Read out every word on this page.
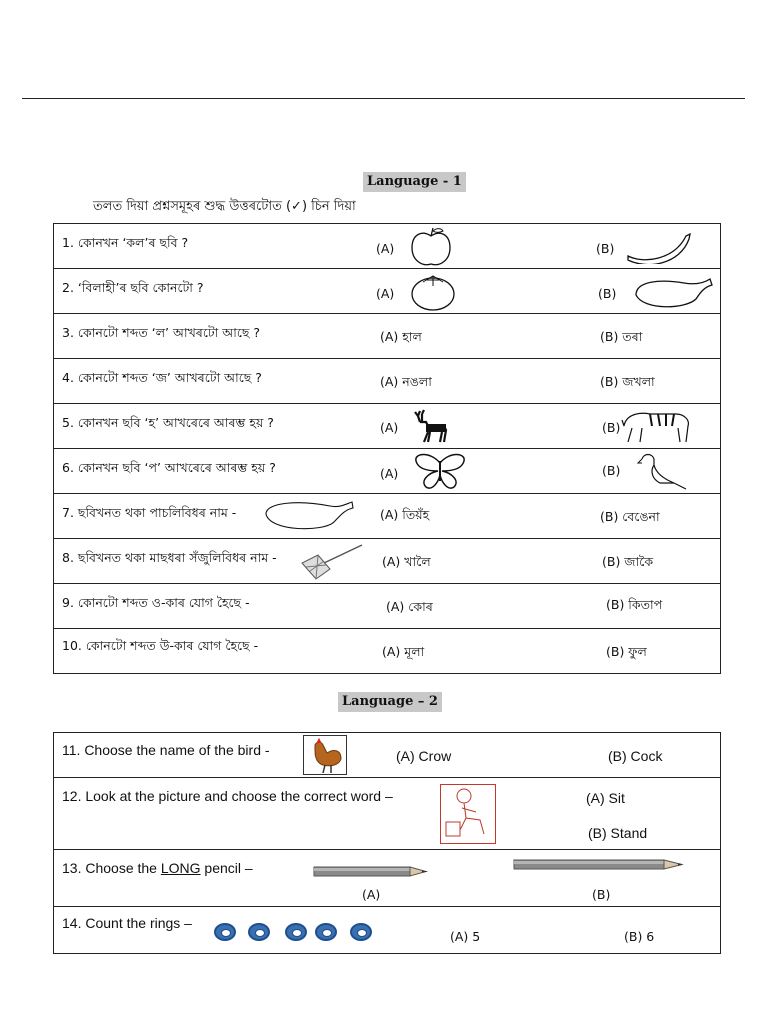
Language - 1
তলত দিয়া প্ৰশ্নসমূহৰ শুদ্ধ উত্তৰটোত (✓) চিন দিয়া
1. কোনখন ‘কল’ৰ ছবি ?	(A)	(B)
2. ‘বিলাহী’ৰ ছবি কোনটো ?	(A)	(B)
3. কোনটো শব্দত ‘ল’ আখৰটো আছে ?	(A) হাল	(B) তৰা
4. কোনটো শব্দত ‘জ’ আখৰটো আছে ?	(A) নঙলা	(B) জখলা
5. কোনখন ছবি ‘হ’ আখৰেৰে আৰম্ভ হয় ?	(A)	(B)
6. কোনখন ছবি ‘প’ আখৰেৰে আৰম্ভ হয় ?	(A)	(B)
7. ছবিখনত থকা পাচলিবিধৰ নাম -	(A) তিয়ঁহ	(B) বেঙেনা
8. ছবিখনত থকা মাছধৰা সঁজুলিবিধৰ নাম -	(A) খালৈ	(B) জাকৈ
9. কোনটো শব্দত ও-কাৰ যোগ হৈছে -	(A) কোৰ	(B) কিতাপ
10. কোনটো শব্দত উ-কাৰ যোগ হৈছে -	(A) মূলা	(B) ফুল
Language – 2
11. Choose the name of the bird -	(A) Crow	(B) Cock
12. Look at the picture and choose the correct word –	(A) Sit
(B) Stand
13. Choose the LONG pencil –
(A)	(B)
14. Count the rings –
(A) 5	(B) 6
